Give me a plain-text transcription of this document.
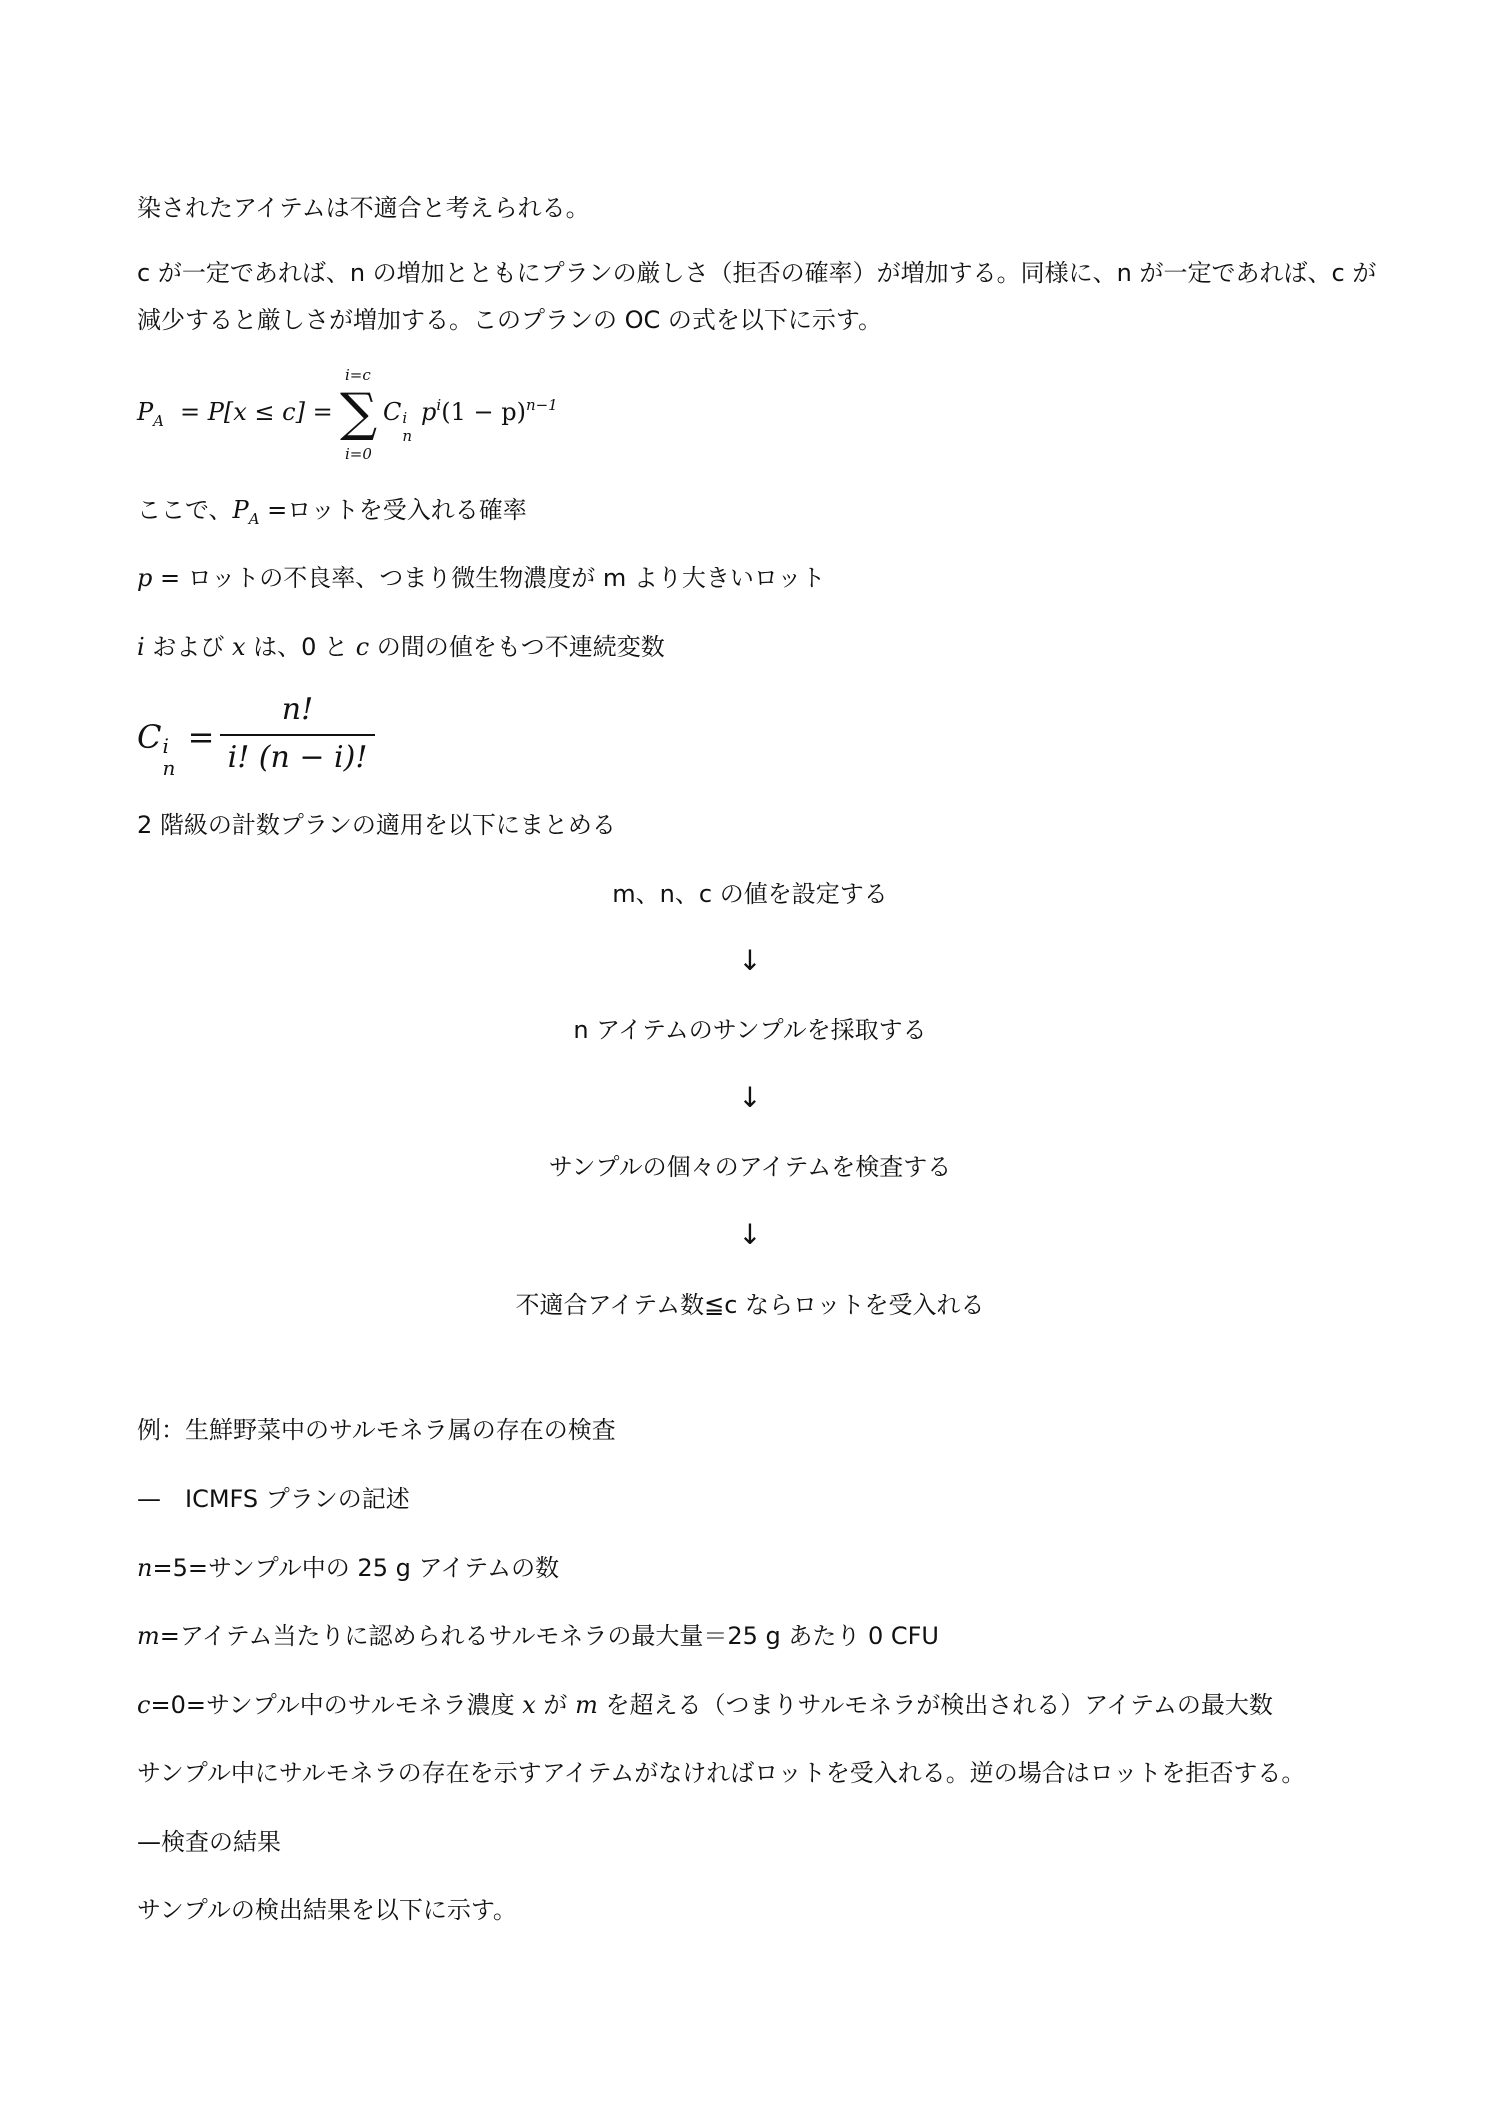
染されたアイテムは不適合と考えられる。
c が一定であれば、n の増加とともにプランの厳しさ（拒否の確率）が増加する。同様に、n が一定であれば、c が
減少すると厳しさが増加する。このプランの OC の式を以下に示す。
$P_A = P[x \le c]$ =
i=c
∑
i=0
C i
n
$p^i(1 - p)^{n-1}$
ここで、$P_A$ =ロットを受入れる確率
p = ロットの不良率、つまり微生物濃度が m より大きいロット
i および x は、0 と c の間の値をもつ不連続変数
C i
n
=
n!
i! (n − i)!
2 階級の計数プランの適用を以下にまとめる
m、n、c の値を設定する
↓
n アイテムのサンプルを採取する
↓
サンプルの個々のアイテムを検査する
↓
不適合アイテム数≦c ならロットを受入れる
例：生鮮野菜中のサルモネラ属の存在の検査
—　ICMFS プランの記述
n=5=サンプル中の 25 g アイテムの数
m=アイテム当たりに認められるサルモネラの最大量＝25 g あたり 0 CFU
c=0=サンプル中のサルモネラ濃度 x が m を超える（つまりサルモネラが検出される）アイテムの最大数
サンプル中にサルモネラの存在を示すアイテムがなければロットを受入れる。逆の場合はロットを拒否する。
—検査の結果
サンプルの検出結果を以下に示す。
